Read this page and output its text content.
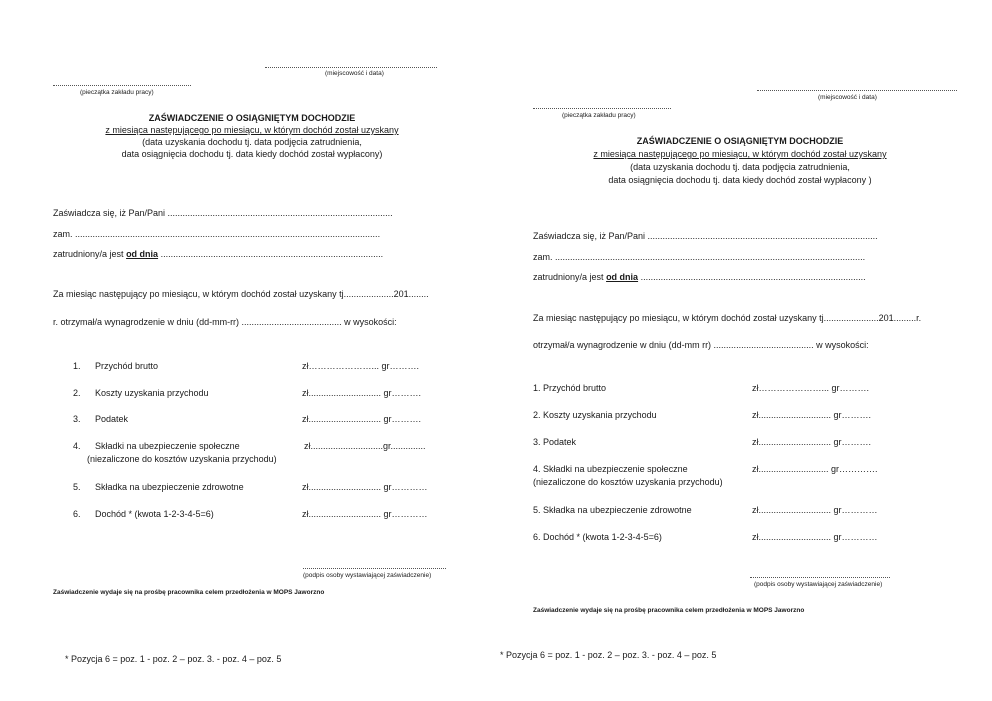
(miejscowość i data)
(pieczątka zakładu pracy)
ZAŚWIADCZENIE O OSIĄGNIĘTYM DOCHODZIE
z miesiąca następującego po miesiącu, w którym dochód został uzyskany
(data uzyskania dochodu tj. data podjęcia zatrudnienia,
data osiągnięcia dochodu tj. data kiedy dochód został wypłacony)
Zaświadcza się, iż Pan/Pani ..........................................................................................
zam. ..........................................................................................................................
zatrudniony/a jest od dnia .........................................................................................
Za miesiąc następujący po miesiącu, w którym dochód został uzyskany tj....................201........
r. otrzymał/a wynagrodzenie w dniu (dd-mm-rr) ........................................ w wysokości:
1. Przychód brutto	zł…………………... gr……….
2. Koszty uzyskania przychodu	zł............................. gr……….
3. Podatek	zł............................. gr……….
4. Składki na ubezpieczenie społeczne
(niezaliczone do kosztów uzyskania przychodu)
zł.............................gr..............
5. Składka na ubezpieczenie zdrowotne	zł............................. gr…………
6. Dochód * (kwota 1-2-3-4-5=6)	zł............................. gr…………
(podpis osoby wystawiającej zaświadczenie)
Zaświadczenie wydaje się na prośbę pracownika celem przedłożenia w MOPS Jaworzno
* Pozycja 6 = poz. 1 - poz. 2 – poz. 3. - poz. 4 – poz. 5
(miejscowość i data)
(pieczątka zakładu pracy)
ZAŚWIADCZENIE O OSIĄGNIĘTYM DOCHODZIE
z miesiąca następującego po miesiącu, w którym dochód został uzyskany
(data uzyskania dochodu tj. data podjęcia zatrudnienia,
data osiągnięcia dochodu tj. data kiedy dochód został wypłacony )
Zaświadcza się, iż Pan/Pani ............................................................................................
zam. ............................................................................................................................
zatrudniony/a jest od dnia ..........................................................................................
Za miesiąc następujący po miesiącu, w którym dochód został uzyskany tj......................201.........r.
otrzymał/a wynagrodzenie w dniu (dd-mm rr) ........................................ w wysokości:
1. Przychód brutto	zł…………………... gr……….
2. Koszty uzyskania przychodu	zł............................. gr……….
3. Podatek	zł............................. gr……….
4. Składki na ubezpieczenie społeczne
(niezaliczone do kosztów uzyskania przychodu)
zł............................ gr………….
5. Składka na ubezpieczenie zdrowotne	zł............................. gr…………
6. Dochód * (kwota 1-2-3-4-5=6)	zł............................. gr…………
(podpis osoby wystawiającej zaświadczenie)
Zaświadczenie wydaje się na prośbę pracownika celem przedłożenia w MOPS Jaworzno
* Pozycja 6 = poz. 1 - poz. 2 – poz. 3. - poz. 4 – poz. 5
